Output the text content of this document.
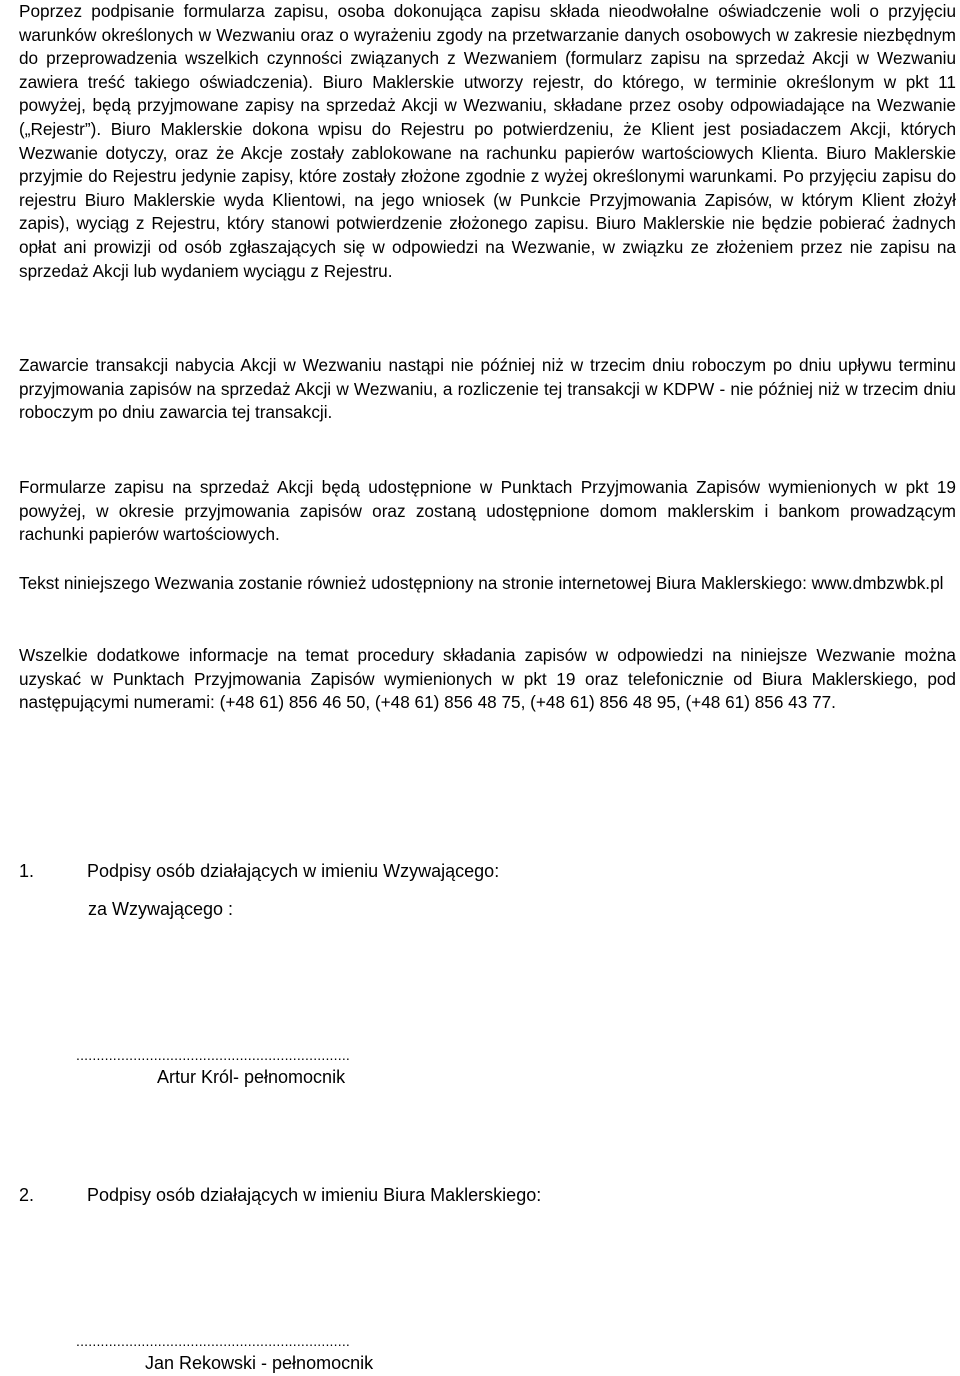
Poprzez podpisanie formularza zapisu, osoba dokonująca zapisu składa nieodwołalne oświadczenie woli o przyjęciu warunków określonych w Wezwaniu oraz o wyrażeniu zgody na przetwarzanie danych osobowych w zakresie niezbędnym do przeprowadzenia wszelkich czynności związanych z Wezwaniem (formularz zapisu na sprzedaż Akcji w Wezwaniu zawiera treść takiego oświadczenia). Biuro Maklerskie utworzy rejestr, do którego, w terminie określonym w pkt 11 powyżej, będą przyjmowane zapisy na sprzedaż Akcji w Wezwaniu, składane przez osoby odpowiadające na Wezwanie („Rejestr”). Biuro Maklerskie dokona wpisu do Rejestru po potwierdzeniu, że Klient jest posiadaczem Akcji, których Wezwanie dotyczy, oraz że Akcje zostały zablokowane na rachunku papierów wartościowych Klienta. Biuro Maklerskie przyjmie do Rejestru jedynie zapisy, które zostały złożone zgodnie z wyżej określonymi warunkami. Po przyjęciu zapisu do rejestru Biuro Maklerskie wyda Klientowi, na jego wniosek (w Punkcie Przyjmowania Zapisów, w którym Klient złożył zapis), wyciąg z Rejestru, który stanowi potwierdzenie złożonego zapisu. Biuro Maklerskie nie będzie pobierać żadnych opłat ani prowizji od osób zgłaszających się w odpowiedzi na Wezwanie, w związku ze złożeniem przez nie zapisu na sprzedaż Akcji lub wydaniem wyciągu z Rejestru.

Zawarcie transakcji nabycia Akcji w Wezwaniu nastąpi nie później niż w trzecim dniu roboczym po dniu upływu terminu przyjmowania zapisów na sprzedaż Akcji w Wezwaniu, a rozliczenie tej transakcji w KDPW - nie później niż w trzecim dniu roboczym po dniu zawarcia tej transakcji.

Formularze zapisu na sprzedaż Akcji będą udostępnione w Punktach Przyjmowania Zapisów wymienionych w pkt 19 powyżej, w okresie przyjmowania zapisów oraz zostaną udostępnione domom maklerskim i bankom prowadzącym rachunki papierów wartościowych.

Tekst niniejszego Wezwania zostanie również udostępniony na stronie internetowej Biura Maklerskiego: www.dmbzwbk.pl

Wszelkie dodatkowe informacje na temat procedury składania zapisów w odpowiedzi na niniejsze Wezwanie można uzyskać w Punktach Przyjmowania Zapisów wymienionych w pkt 19 oraz telefonicznie od Biura Maklerskiego, pod następującymi numerami: (+48 61) 856 46 50, (+48 61) 856 48 75, (+48 61) 856 48 95, (+48 61) 856 43 77.

1.	Podpisy osób działających w imieniu Wzywającego:
za Wzywającego :
...................................................................
Artur Król- pełnomocnik
2.	Podpisy osób działających w imieniu Biura Maklerskiego:
...................................................................
Jan Rekowski - pełnomocnik
